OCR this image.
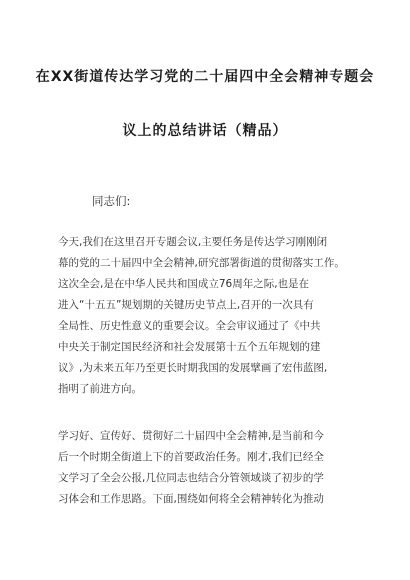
在XX街道传达学习党的二十届四中全会精神专题会
议上的总结讲话（精品）
同志们:
今天,我们在这里召开专题会议,主要任务是传达学习刚刚闭
幕的党的二十届四中全会精神,研究部署街道的贯彻落实工作。
这次全会,是在中华人民共和国成立76周年之际,也是在
进入“十五五”规划期的关键历史节点上,召开的一次具有
全局性、历史性意义的重要会议。全会审议通过了《中共
中央关于制定国民经济和社会发展第十五个五年规划的建
议》,为未来五年乃至更长时期我国的发展擘画了宏伟蓝图,
指明了前进方向。
学习好、宣传好、贯彻好二十届四中全会精神,是当前和今
后一个时期全街道上下的首要政治任务。刚才,我们已经全
文学习了全会公报,几位同志也结合分管领域谈了初步的学
习体会和工作思路。下面,围绕如何将全会精神转化为推动
